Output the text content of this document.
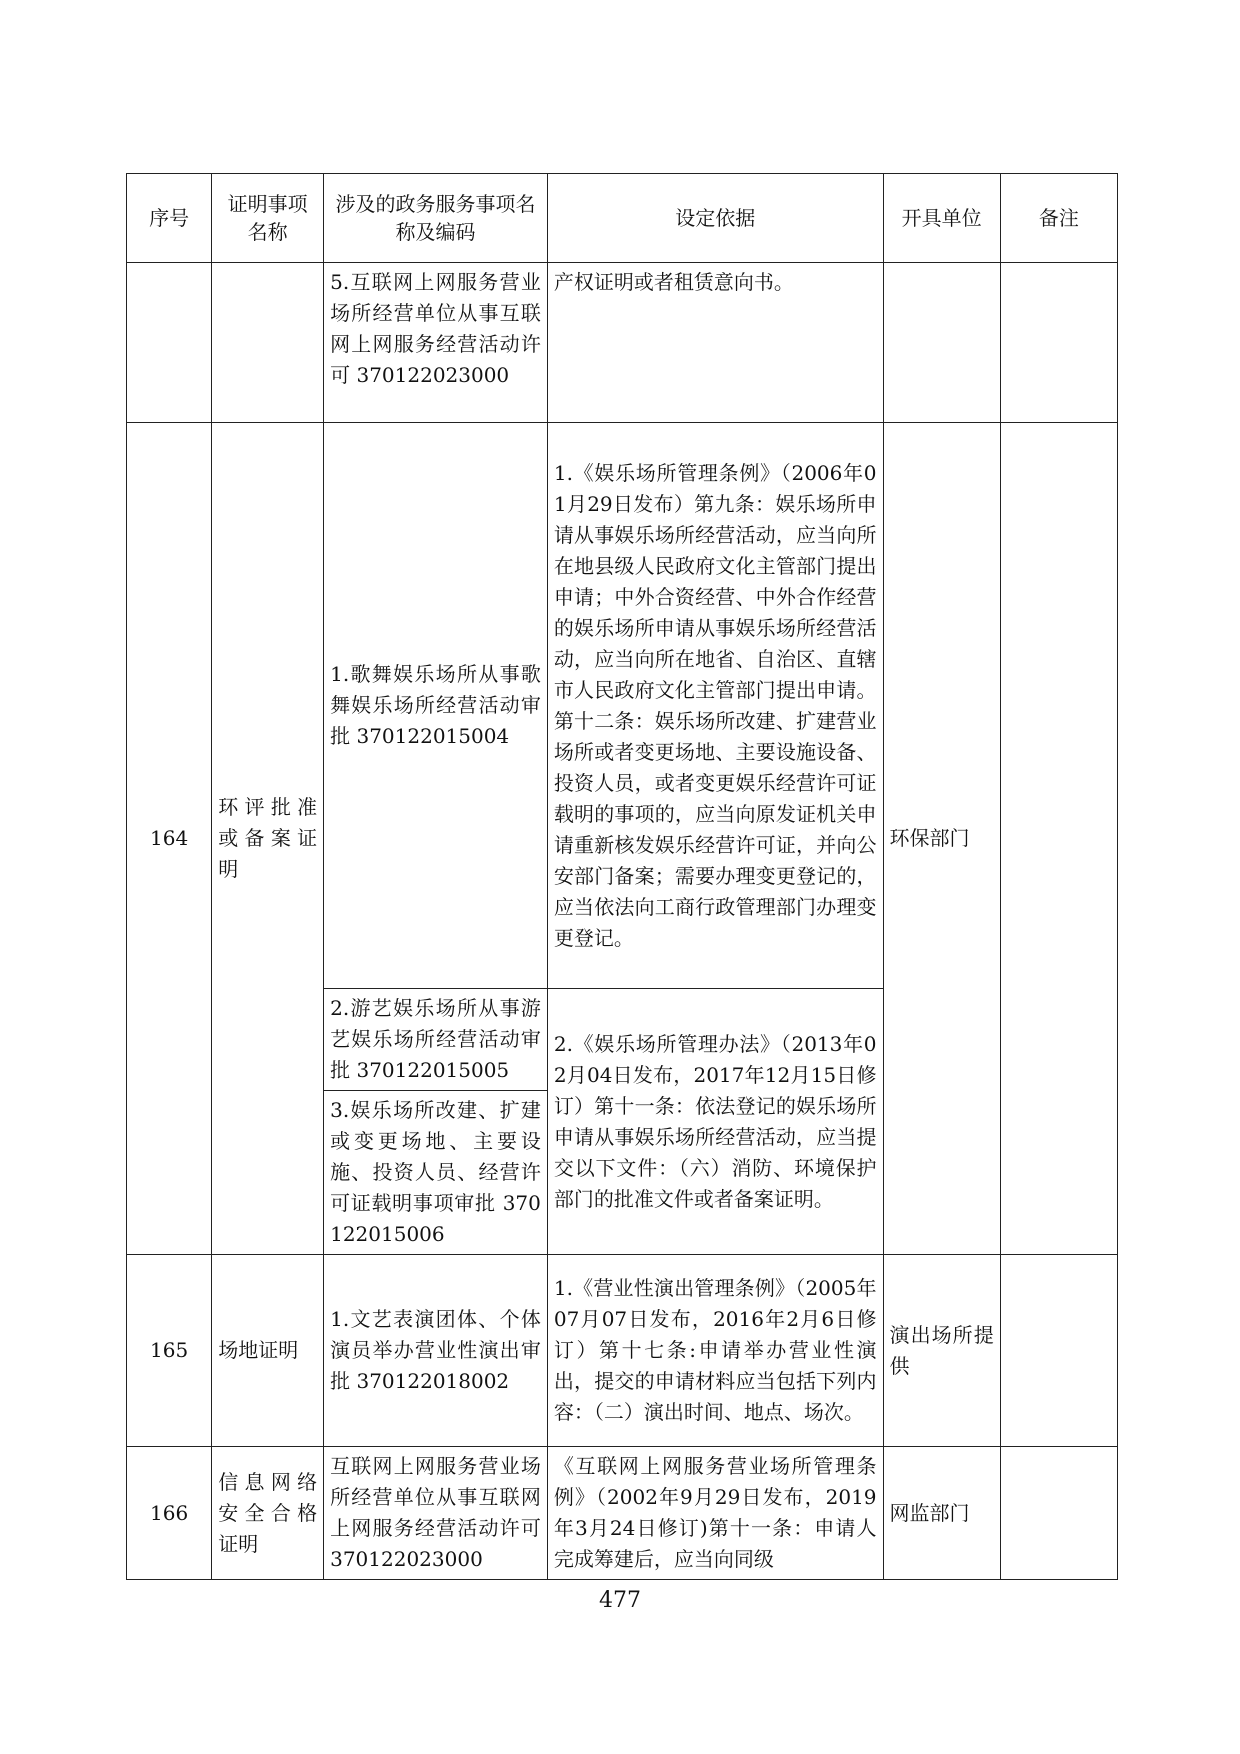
序号	证明事项名称	涉及的政务服务事项名称及编码	设定依据	开具单位	备注
		5.互联网上网服务营业场所经营单位从事互联网上网服务经营活动许可 370122023000	产权证明或者租赁意向书。		
164	环评批准或备案证明	1.歌舞娱乐场所从事歌舞娱乐场所经营活动审批 370122015004	1.《娱乐场所管理条例》（2006年01月29日发布）第九条：娱乐场所申请从事娱乐场所经营活动，应当向所在地县级人民政府文化主管部门提出申请；中外合资经营、中外合作经营的娱乐场所申请从事娱乐场所经营活动，应当向所在地省、自治区、直辖市人民政府文化主管部门提出申请。第十二条：娱乐场所改建、扩建营业场所或者变更场地、主要设施设备、投资人员，或者变更娱乐经营许可证载明的事项的，应当向原发证机关申请重新核发娱乐经营许可证，并向公安部门备案；需要办理变更登记的，应当依法向工商行政管理部门办理变更登记。	环保部门	
		2.游艺娱乐场所从事游艺娱乐场所经营活动审批 370122015005	2.《娱乐场所管理办法》（2013年02月04日发布，2017年12月15日修订）第十一条：依法登记的娱乐场所申请从事娱乐场所经营活动，应当提交以下文件：（六）消防、环境保护部门的批准文件或者备案证明。		
		3.娱乐场所改建、扩建或变更场地、主要设施、投资人员、经营许可证载明事项审批 370122015006			
165	场地证明	1.文艺表演团体、个体演员举办营业性演出审批 370122018002	1.《营业性演出管理条例》（2005年07月07日发布，2016年2月6日修订）第十七条:申请举办营业性演出，提交的申请材料应当包括下列内容：（二）演出时间、地点、场次。	演出场所提供	
166	信息网络安全合格证明	互联网上网服务营业场所经营单位从事互联网上网服务经营活动许可 370122023000	《互联网上网服务营业场所管理条例》（2002年9月29日发布，2019年3月24日修订)第十一条：申请人完成筹建后，应当向同级	网监部门	
477
